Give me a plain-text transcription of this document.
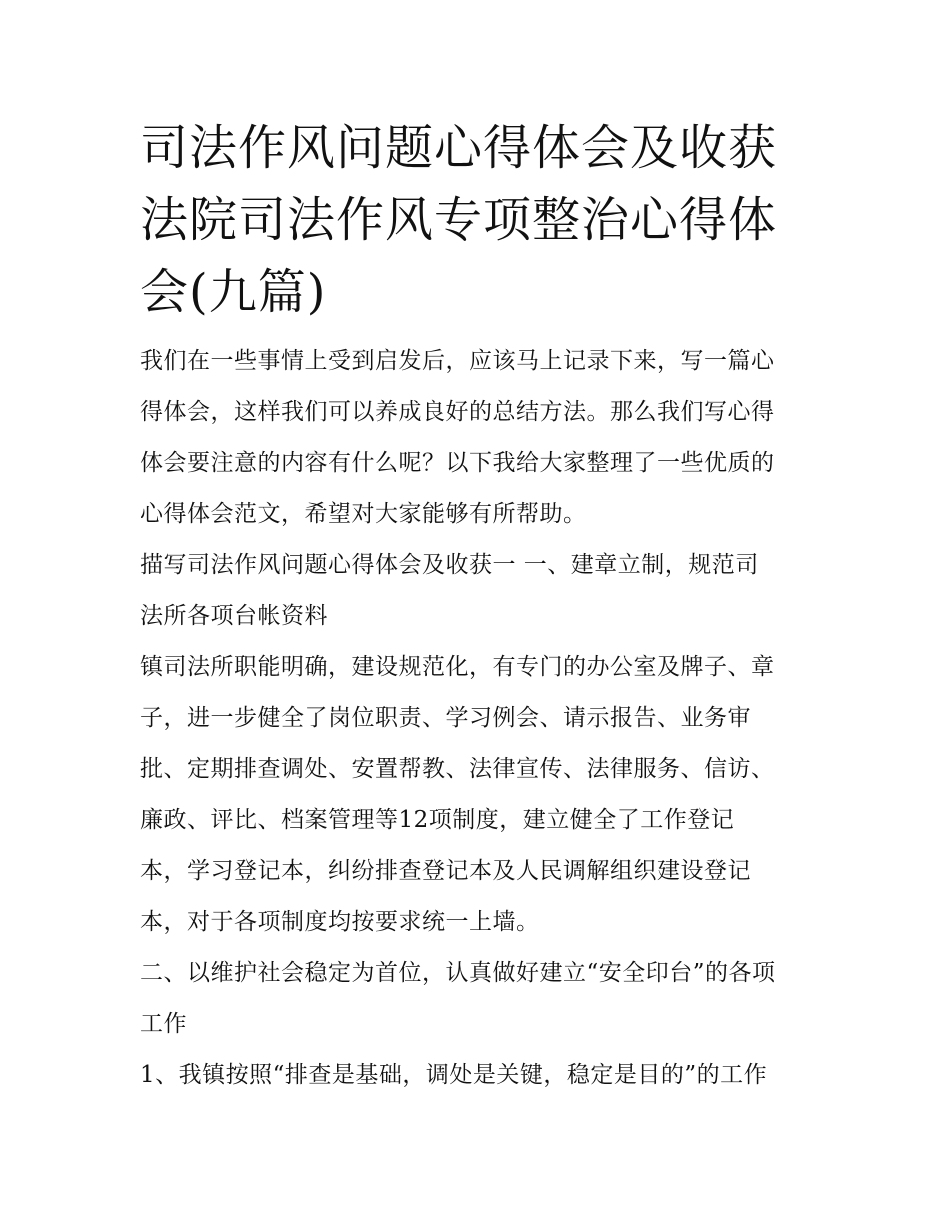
司法作风问题心得体会及收获
法院司法作风专项整治心得体
会(九篇)

我们在一些事情上受到启发后，应该马上记录下来，写一篇心
得体会，这样我们可以养成良好的总结方法。那么我们写心得
体会要注意的内容有什么呢？以下我给大家整理了一些优质的
心得体会范文，希望对大家能够有所帮助。

描写司法作风问题心得体会及收获一 一、建章立制，规范司
法所各项台帐资料

镇司法所职能明确，建设规范化，有专门的办公室及牌子、章
子，进一步健全了岗位职责、学习例会、请示报告、业务审
批、定期排查调处、安置帮教、法律宣传、法律服务、信访、
廉政、评比、档案管理等12项制度，建立健全了工作登记
本，学习登记本，纠纷排查登记本及人民调解组织建设登记
本，对于各项制度均按要求统一上墙。

二、以维护社会稳定为首位，认真做好建立“安全印台”的各项
工作

1、我镇按照“排查是基础，调处是关键，稳定是目的”的工作
